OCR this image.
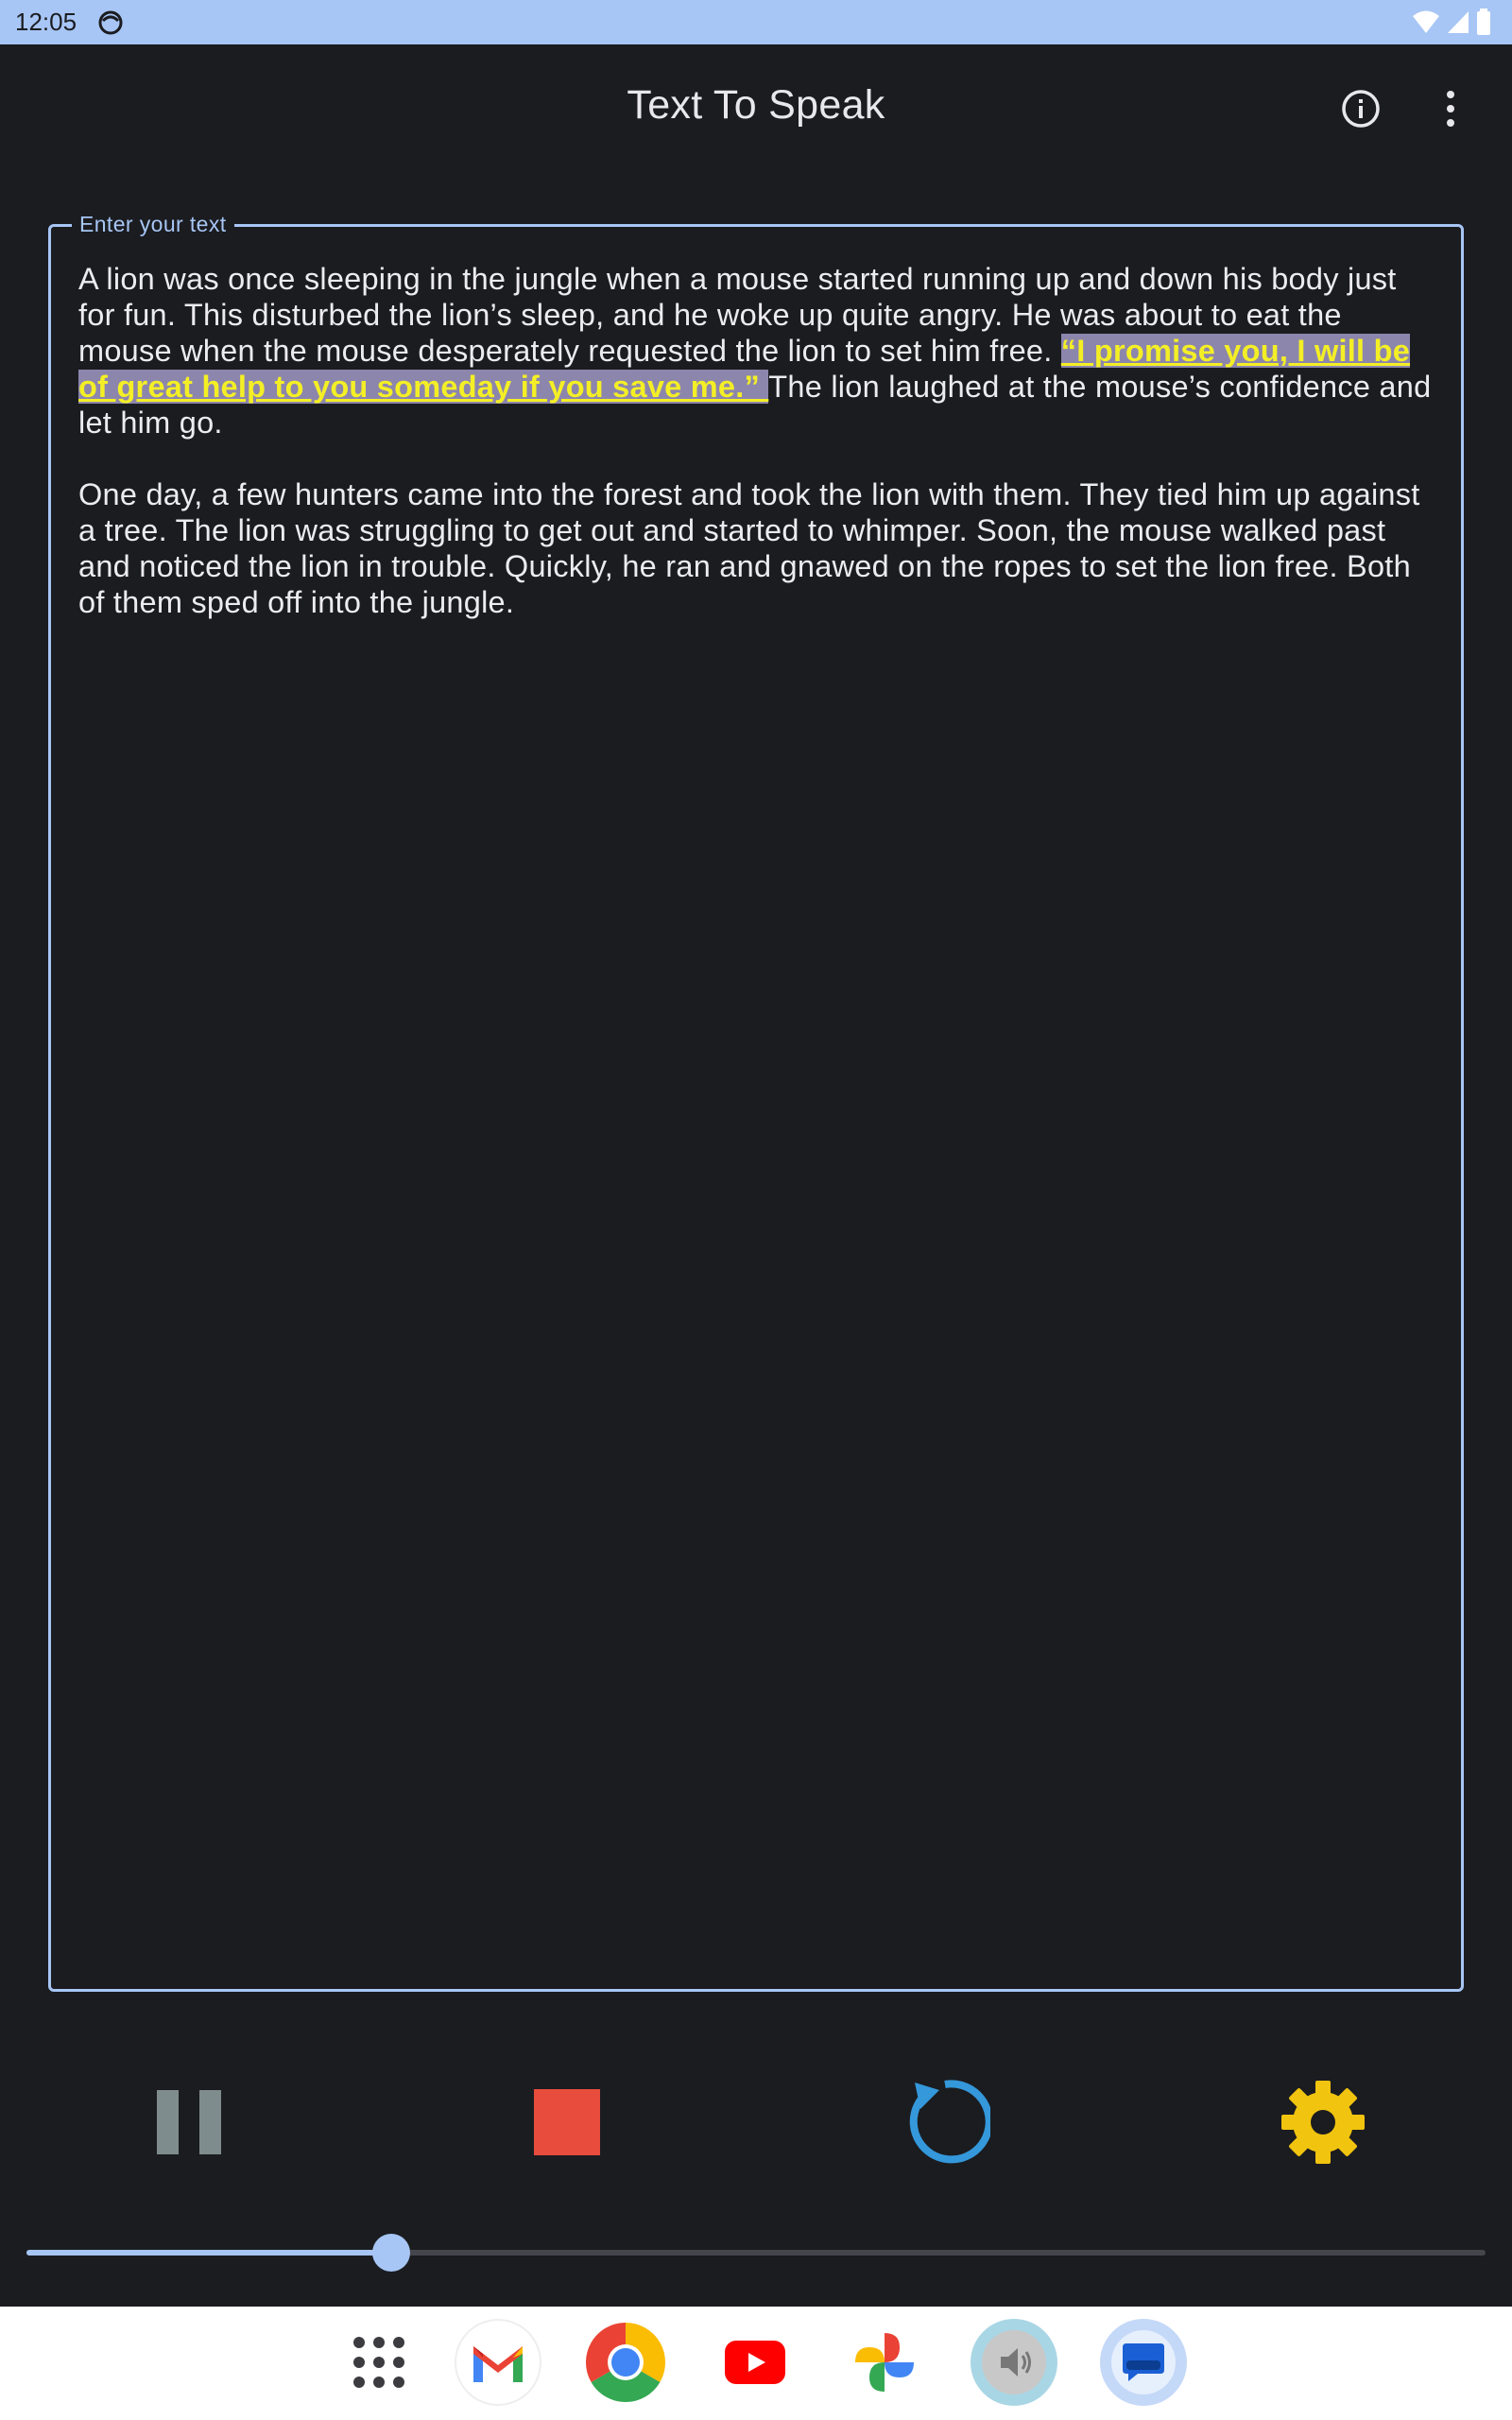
12:05
Text To Speak
Enter your text

A lion was once sleeping in the jungle when a mouse started running up and down his body just for fun. This disturbed the lion’s sleep, and he woke up quite angry. He was about to eat the mouse when the mouse desperately requested the lion to set him free. “I promise you, I will be of great help to you someday if you save me.” The lion laughed at the mouse’s confidence and let him go.

One day, a few hunters came into the forest and took the lion with them. They tied him up against a tree. The lion was struggling to get out and started to whimper. Soon, the mouse walked past and noticed the lion in trouble. Quickly, he ran and gnawed on the ropes to set the lion free. Both of them sped off into the jungle.
